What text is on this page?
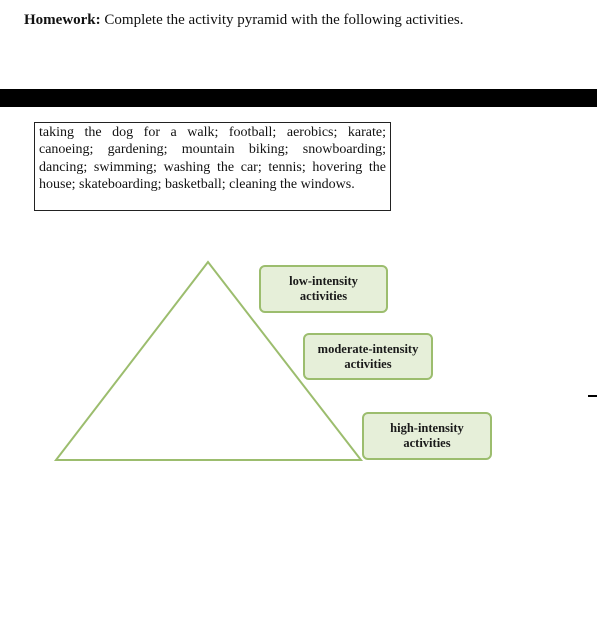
Homework: Complete the activity pyramid with the following activities.
taking the dog for a walk; football; aerobics; karate; canoeing; gardening; mountain biking; snowboarding; dancing; swimming; washing the car; tennis; hovering the house; skateboarding; basketball; cleaning the windows.
low-intensity
activities
moderate-intensity
activities
high-intensity
activities
